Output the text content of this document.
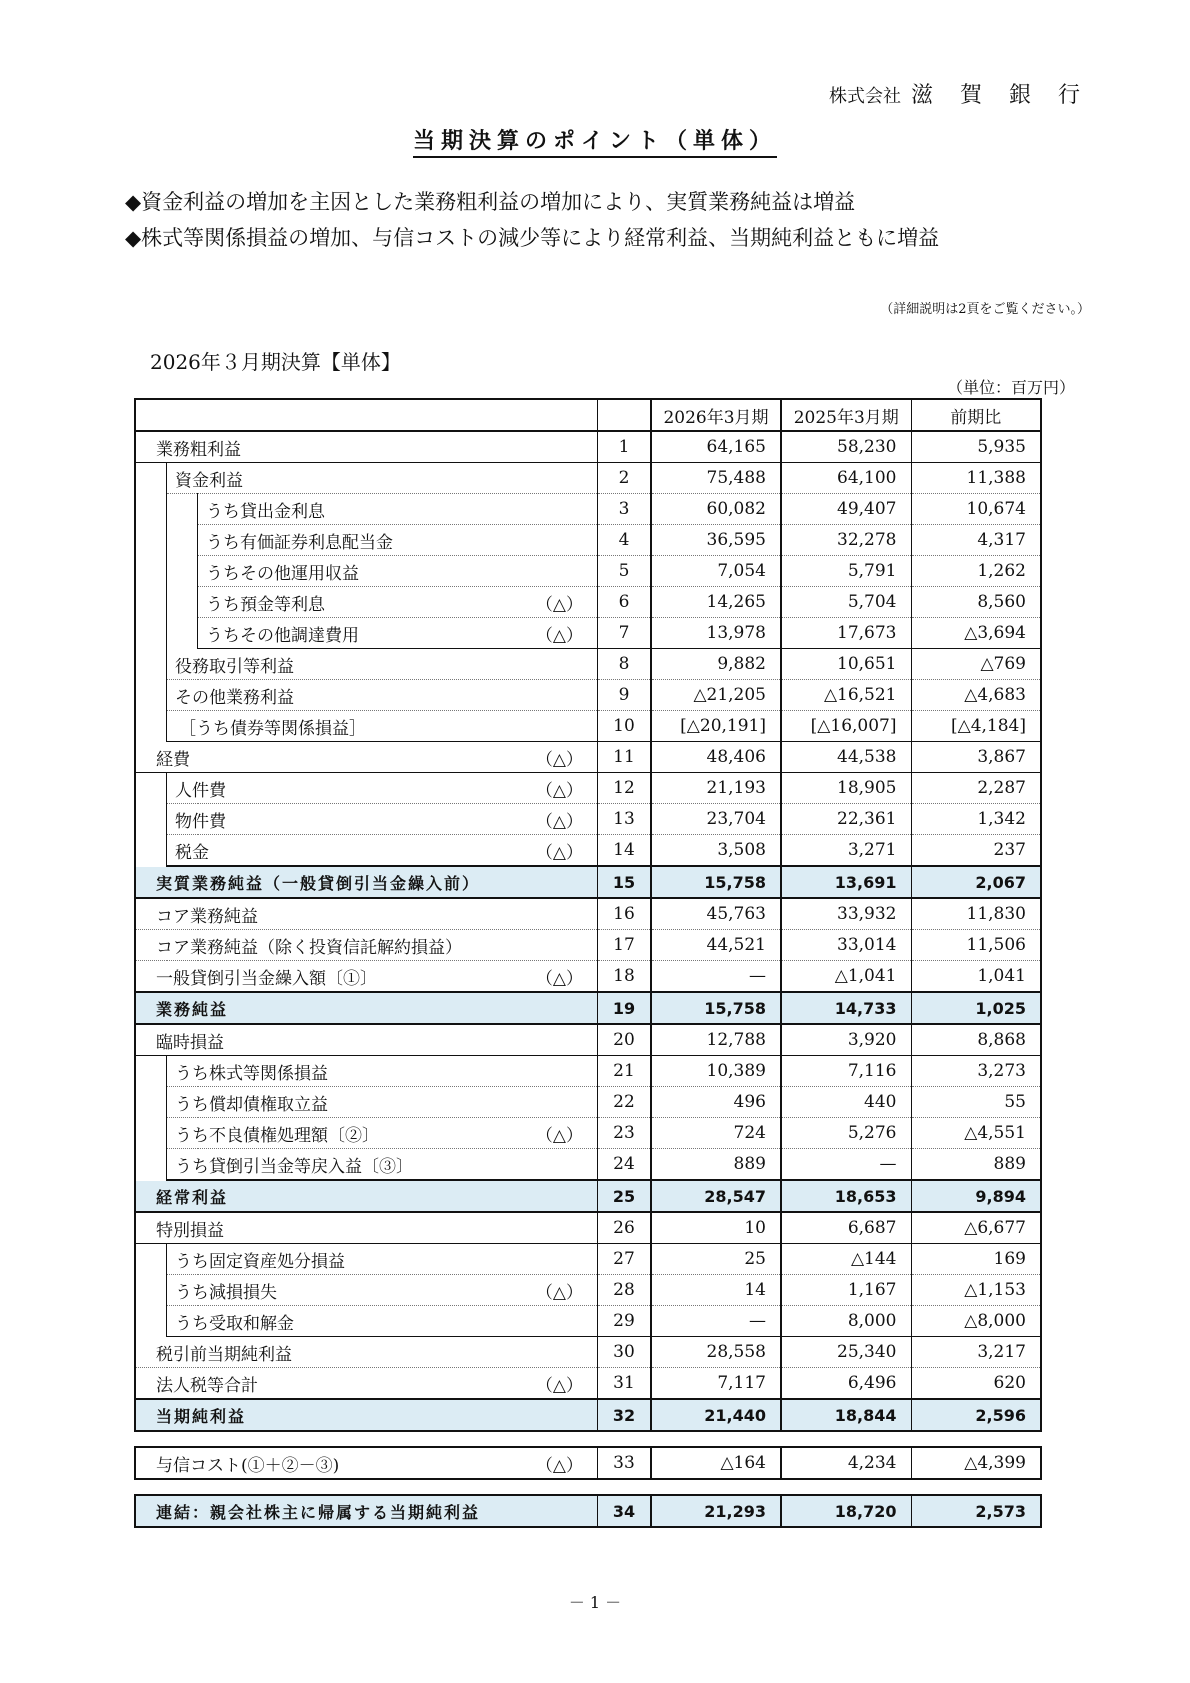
株式会社 滋 賀 銀 行
当期決算のポイント（単体）
◆資金利益の増加を主因とした業務粗利益の増加により、実質業務純益は増益
◆株式等関係損益の増加、与信コストの減少等により経常利益、当期純利益ともに増益
（詳細説明は2頁をご覧ください。）
2026年３月期決算【単体】
（単位：百万円）
				2026年3月期	2025年3月期	前期比

業務粗利益			1	64,165	58,230	5,935

	資金利益		2	75,488	64,100	11,388

		うち貸出金利息	3	60,082	49,407	10,674

		うち有価証券利息配当金	4	36,595	32,278	4,317

		うちその他運用収益	5	7,054	5,791	1,262

		うち預金等利息 （△）	6	14,265	5,704	8,560

		うちその他調達費用 （△）	7	13,978	17,673	△3,694

	役務取引等利益		8	9,882	10,651	△769

	その他業務利益		9	△21,205	△16,521	△4,683

	［うち債券等関係損益］		10	[△20,191]	[△16,007]	[△4,184]

経費 （△）			11	48,406	44,538	3,867

	人件費 （△）		12	21,193	18,905	2,287

	物件費 （△）		13	23,704	22,361	1,342

	税金 （△）		14	3,508	3,271	237

実質業務純益（一般貸倒引当金繰入前）			15	15,758	13,691	2,067

コア業務純益			16	45,763	33,932	11,830

コア業務純益（除く投資信託解約損益）			17	44,521	33,014	11,506

一般貸倒引当金繰入額〔①〕 （△）			18	—	△1,041	1,041

業務純益			19	15,758	14,733	1,025

臨時損益			20	12,788	3,920	8,868

	うち株式等関係損益		21	10,389	7,116	3,273

	うち償却債権取立益		22	496	440	55

	うち不良債権処理額〔②〕 （△）		23	724	5,276	△4,551

	うち貸倒引当金等戻入益〔③〕		24	889	—	889

経常利益			25	28,547	18,653	9,894

特別損益			26	10	6,687	△6,677

	うち固定資産処分損益		27	25	△144	169

	うち減損損失 （△）		28	14	1,167	△1,153

	うち受取和解金		29	—	8,000	△8,000

税引前当期純利益			30	28,558	25,340	3,217

法人税等合計 （△）			31	7,117	6,496	620

当期純利益			32	21,440	18,844	2,596

与信コスト(①＋②－③) （△）			33	△164	4,234	△4,399

連結：親会社株主に帰属する当期純利益			34	21,293	18,720	2,573
－ 1 －
